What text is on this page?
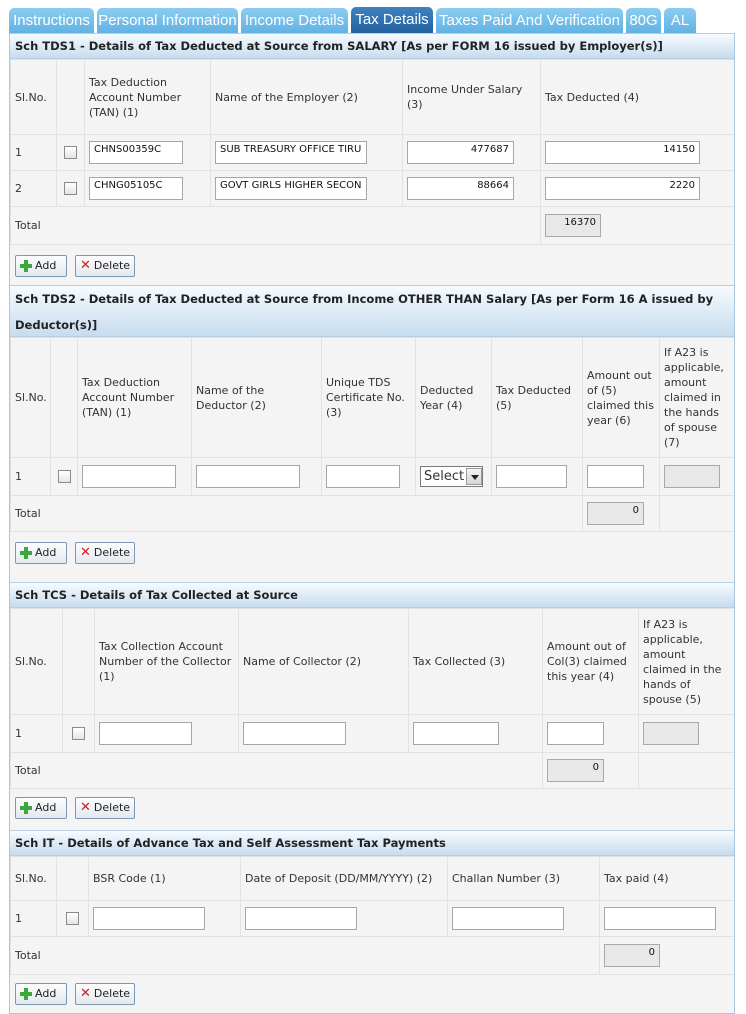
Instructions Personal Information Income Details Tax Details Taxes Paid And Verification 80G AL
Sch TDS1 - Details of Tax Deducted at Source from SALARY [As per FORM 16 issued by Employer(s)]
Sl.No.		Tax Deduction Account Number (TAN) (1)	Name of the Employer (2)	Income Under Salary (3)	Tax Deducted (4)
1		CHNS00359C	SUB TREASURY OFFICE TIRU	477687	14150

2		CHNG05105C	GOVT GIRLS HIGHER SECON	88664	2220

Total					16370
Add	✕ Delete
Sch TDS2 - Details of Tax Deducted at Source from Income OTHER THAN Salary [As per Form 16 A issued by Deductor(s)]
Sl.No.		Tax Deduction Account Number (TAN) (1)	Name of the Deductor (2)	Unique TDS Certificate No. (3)	Deducted Year (4)	Tax Deducted (5)	Amount out of (5) claimed this year (6)	If A23 is applicable, amount claimed in the hands of spouse (7)
1					Select			

Total							0	

Add	✕ Delete
Sch TCS - Details of Tax Collected at Source
Sl.No.		Tax Collection Account Number of the Collector (1)	Name of Collector (2)	Tax Collected (3)	Amount out of Col(3) claimed this year (4)	If A23 is applicable, amount claimed in the hands of spouse (5)
1	

Total					0	

Add	✕ Delete
Sch IT - Details of Advance Tax and Self Assessment Tax Payments
Sl.No.		BSR Code (1)	Date of Deposit (DD/MM/YYYY) (2)	Challan Number (3)	Tax paid (4)
1	

Total					0
Add	✕ Delete
